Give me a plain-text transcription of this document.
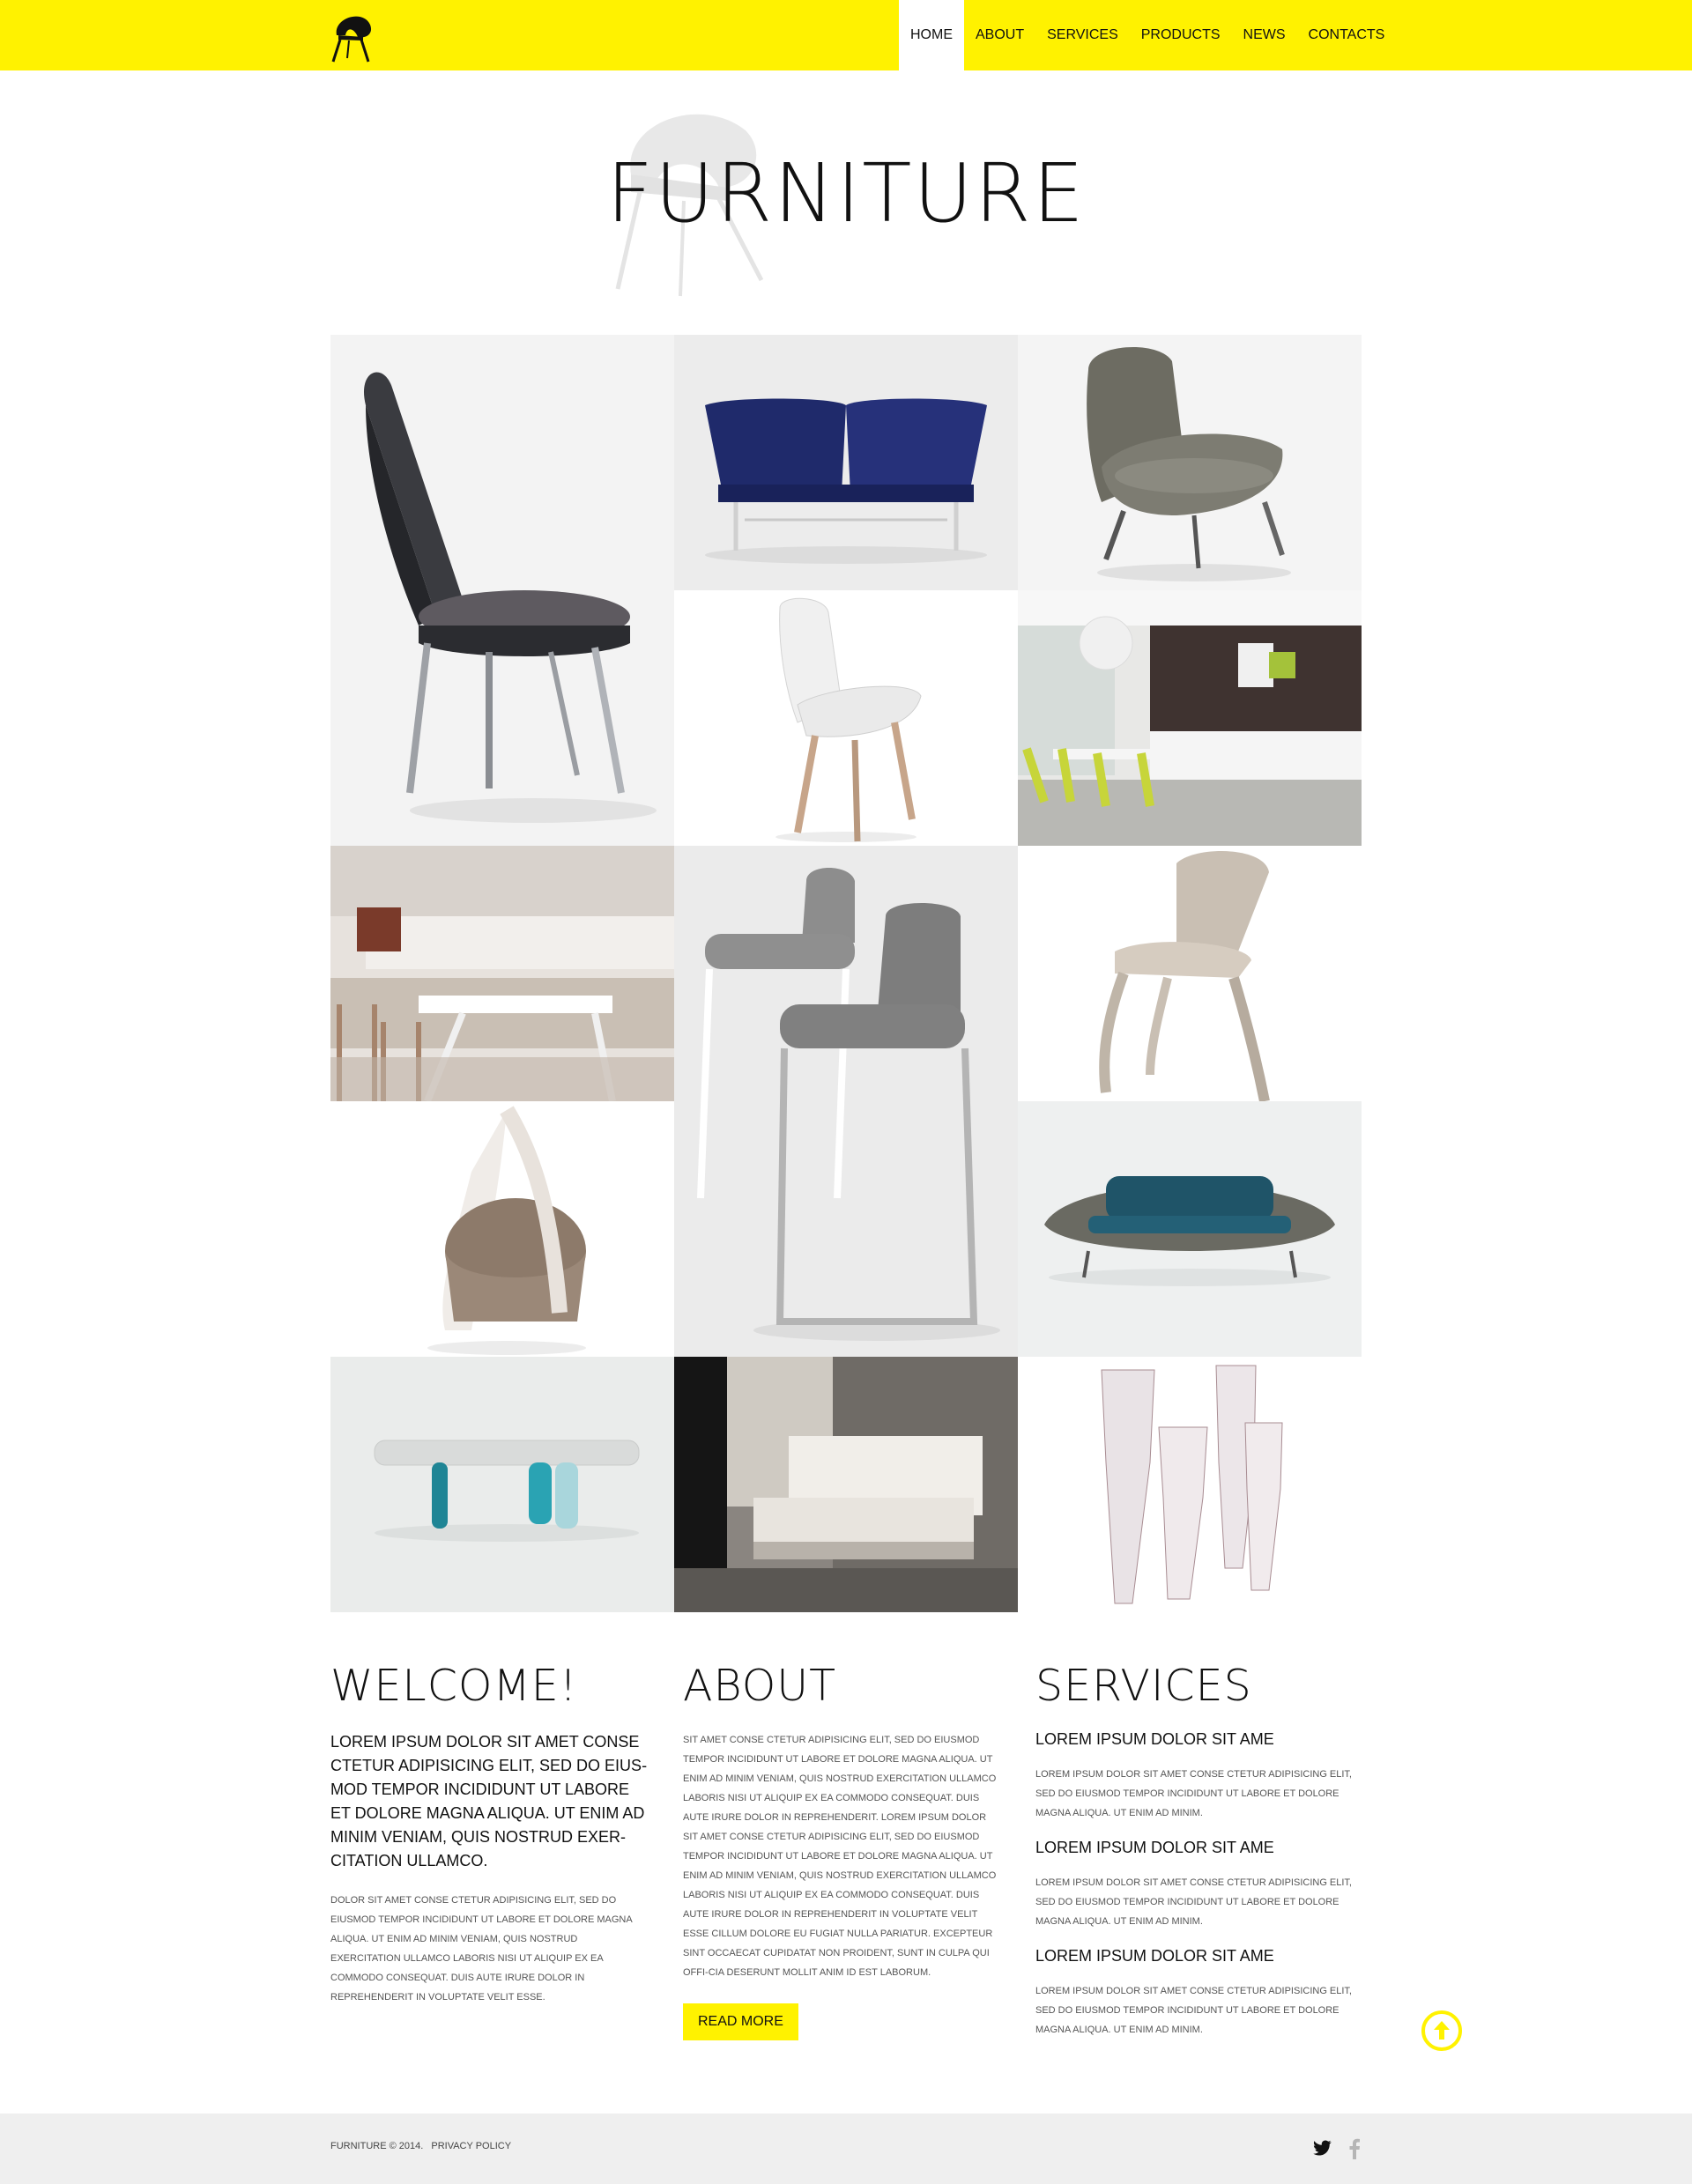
HOME	ABOUT	SERVICES	PRODUCTS	NEWS	CONTACTS
FURNITURE
WELCOME!

LOREM IPSUM DOLOR SIT AMET CONSE CTETUR ADIPISICING ELIT, SED DO EIUS-MOD TEMPOR INCIDIDUNT UT LABORE ET DOLORE MAGNA ALIQUA. UT ENIM AD MINIM VENIAM, QUIS NOSTRUD EXER-CITATION ULLAMCO.

DOLOR SIT AMET CONSE CTETUR ADIPISICING ELIT, SED DO EIUSMOD TEMPOR INCIDIDUNT UT LABORE ET DOLORE MAGNA ALIQUA. UT ENIM AD MINIM VENIAM, QUIS NOSTRUD EXERCITATION ULLAMCO LABORIS NISI UT ALIQUIP EX EA COMMODO CONSEQUAT. DUIS AUTE IRURE DOLOR IN REPREHENDERIT IN VOLUPTATE VELIT ESSE.

ABOUT

SIT AMET CONSE CTETUR ADIPISICING ELIT, SED DO EIUSMOD TEMPOR INCIDIDUNT UT LABORE ET DOLORE MAGNA ALIQUA. UT ENIM AD MINIM VENIAM, QUIS NOSTRUD EXERCITATION ULLAMCO LABORIS NISI UT ALIQUIP EX EA COMMODO CONSEQUAT. DUIS AUTE IRURE DOLOR IN REPREHENDERIT. LOREM IPSUM DOLOR SIT AMET CONSE CTETUR ADIPISICING ELIT, SED DO EIUSMOD TEMPOR INCIDIDUNT UT LABORE ET DOLORE MAGNA ALIQUA. UT ENIM AD MINIM VENIAM, QUIS NOSTRUD EXERCITATION ULLAMCO LABORIS NISI UT ALIQUIP EX EA COMMODO CONSEQUAT. DUIS AUTE IRURE DOLOR IN REPREHENDERIT IN VOLUPTATE VELIT ESSE CILLUM DOLORE EU FUGIAT NULLA PARIATUR. EXCEPTEUR SINT OCCAECAT CUPIDATAT NON PROIDENT, SUNT IN CULPA QUI OFFI-CIA DESERUNT MOLLIT ANIM ID EST LABORUM.

READ MORE
SERVICES
LOREM IPSUM DOLOR SIT AME

LOREM IPSUM DOLOR SIT AMET CONSE CTETUR ADIPISICING ELIT, SED DO EIUSMOD TEMPOR INCIDIDUNT UT LABORE ET DOLORE MAGNA ALIQUA. UT ENIM AD MINIM.

LOREM IPSUM DOLOR SIT AME

LOREM IPSUM DOLOR SIT AMET CONSE CTETUR ADIPISICING ELIT, SED DO EIUSMOD TEMPOR INCIDIDUNT UT LABORE ET DOLORE MAGNA ALIQUA. UT ENIM AD MINIM.

LOREM IPSUM DOLOR SIT AME

LOREM IPSUM DOLOR SIT AMET CONSE CTETUR ADIPISICING ELIT, SED DO EIUSMOD TEMPOR INCIDIDUNT UT LABORE ET DOLORE MAGNA ALIQUA. UT ENIM AD MINIM.

FURNITURE © 2014. PRIVACY POLICY
